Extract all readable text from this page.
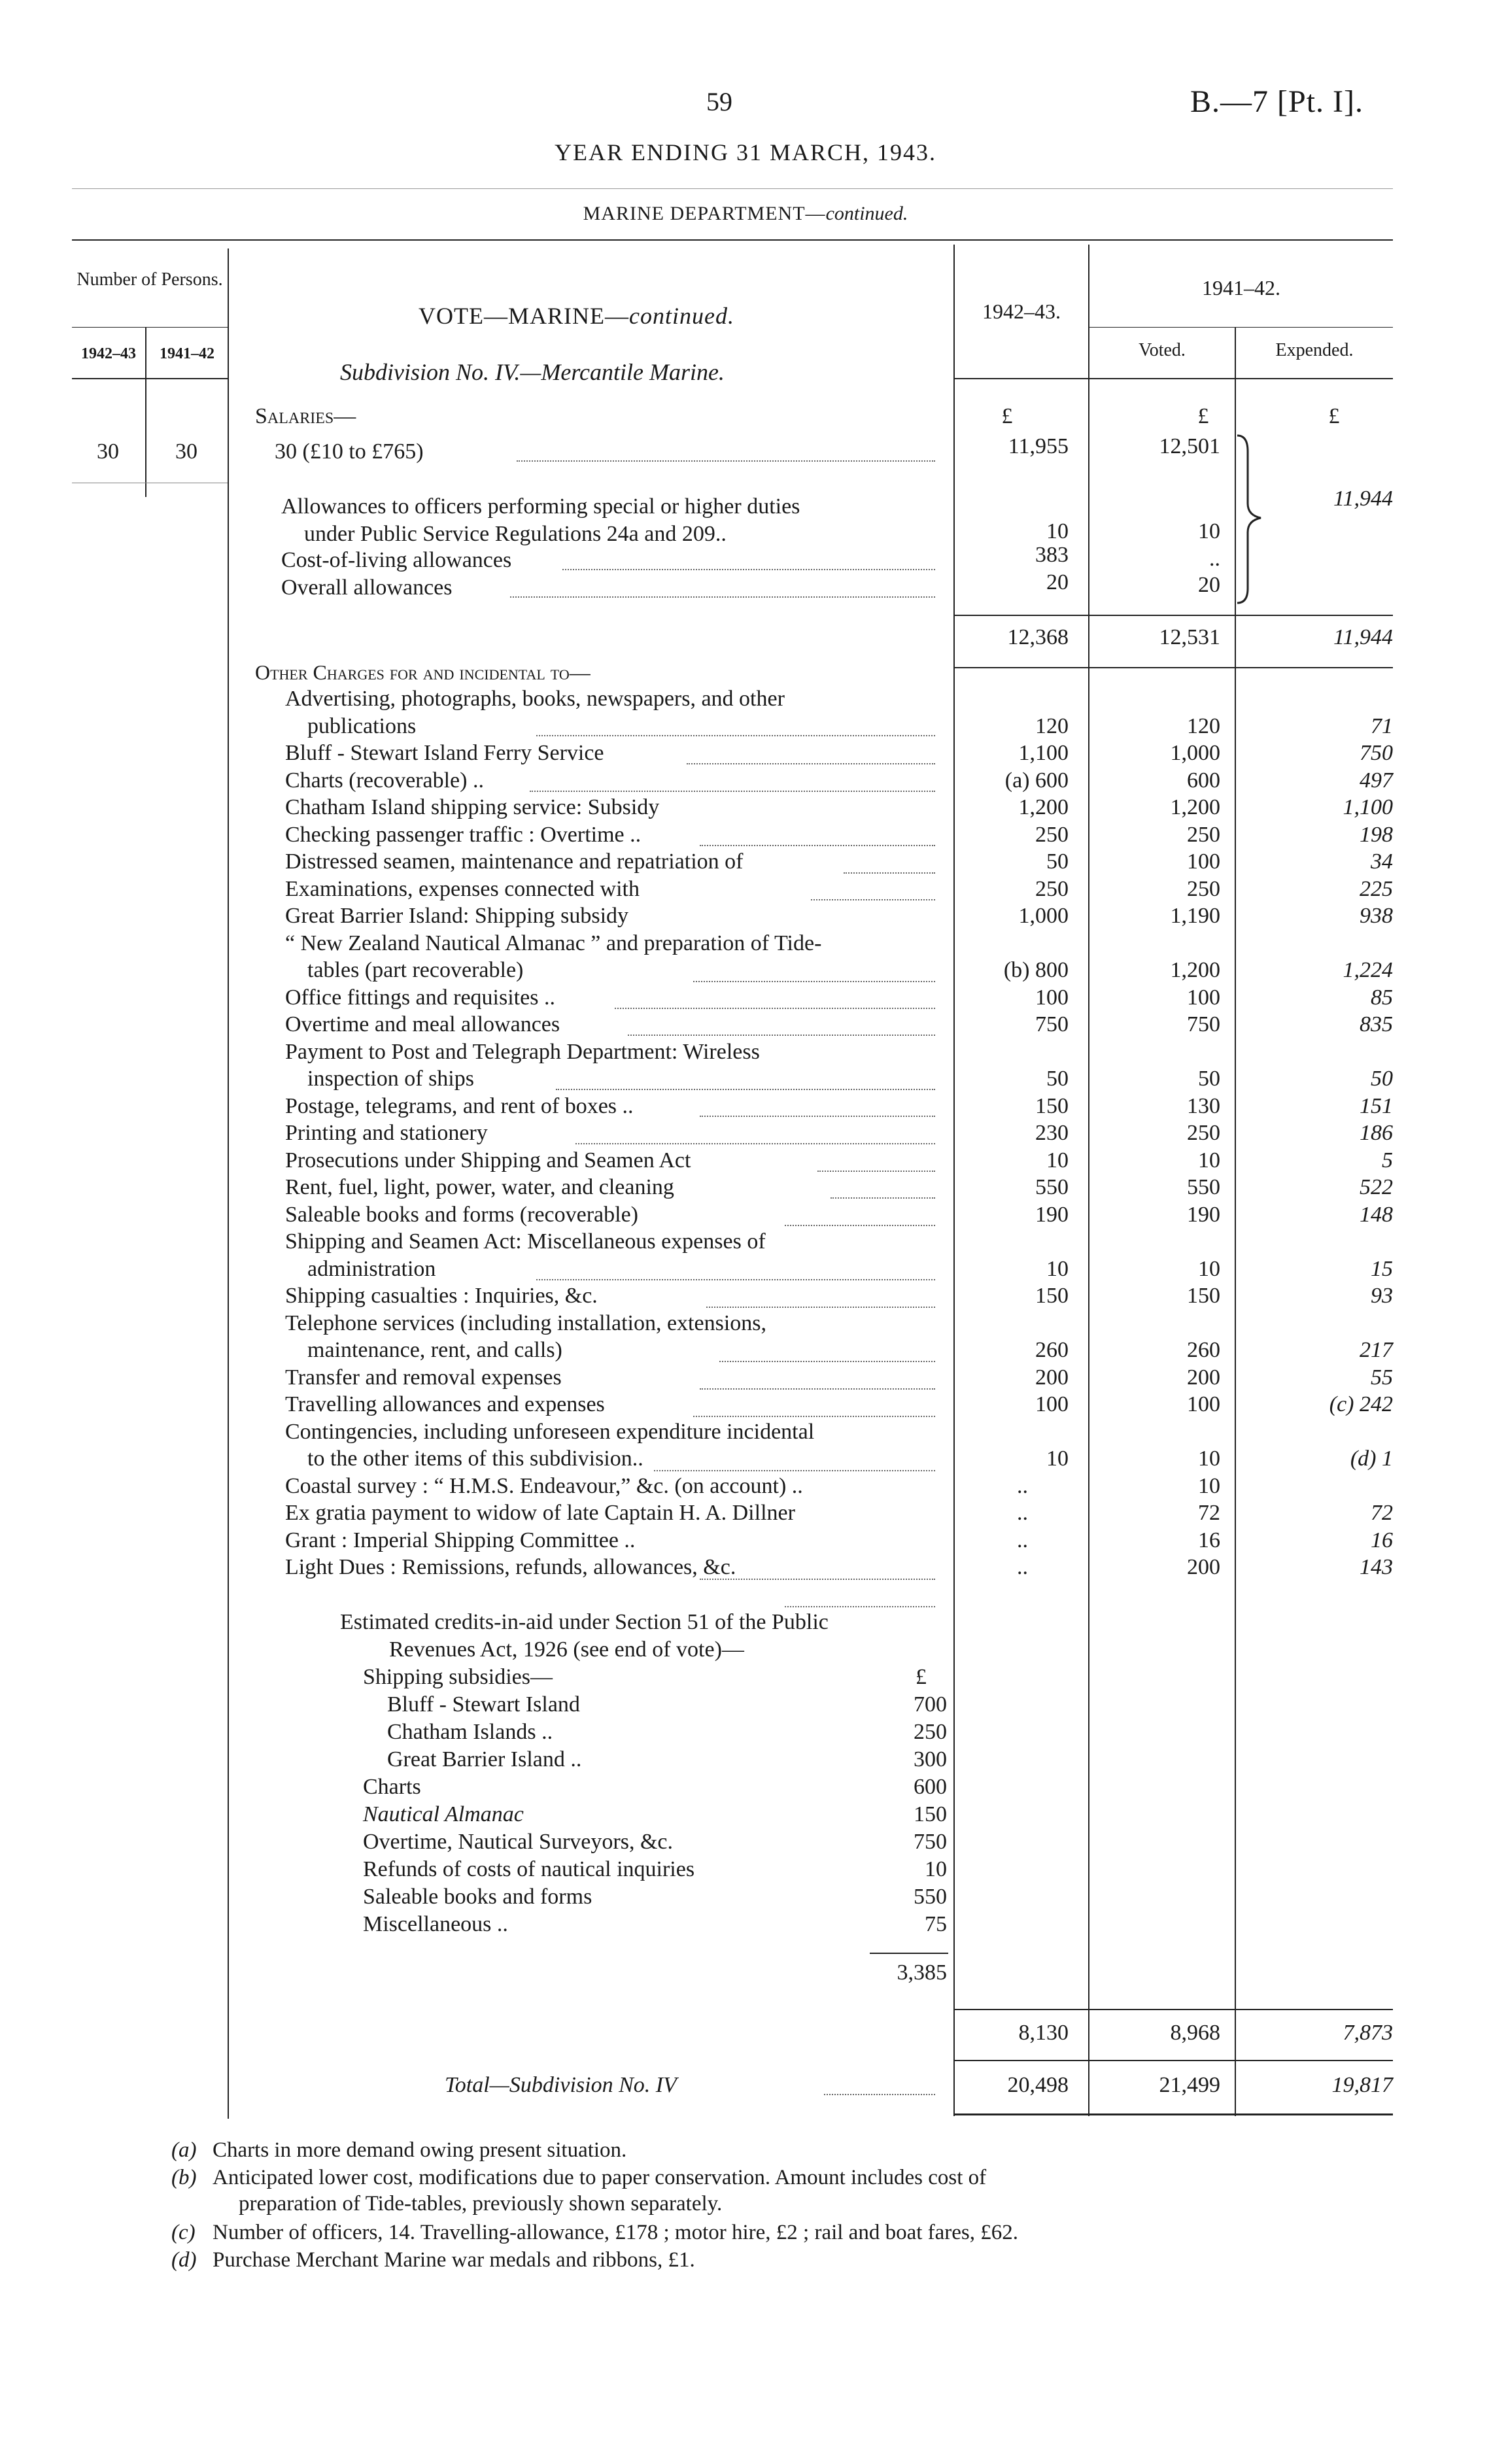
59	B.—7 [Pt. I].
YEAR ENDING 31 MARCH, 1943.
MARINE DEPARTMENT—continued.
Number of Persons.
1942–43	1941–42
1942–43.
1941–42.
Voted.	Expended.
VOTE—MARINE—continued.
Subdivision No. IV.—Mercantile Marine.
Salaries—	£	£	£
30	30	30 (£10 to £765)	11,955	12,501
Allowances to officers performing special or higher duties
under Public Service Regulations 24a and 209..	10	10
Cost-of-living allowances	383	..
Overall allowances	20	20
11,944
12,368	12,531	11,944
Other Charges for and incidental to—
Advertising, photographs, books, newspapers, and other
publications	120	120	71
Bluff - Stewart Island Ferry Service	1,100	1,000	750
Charts (recoverable) ..	(a) 600	600	497
Chatham Island shipping service: Subsidy	1,200	1,200	1,100
Checking passenger traffic : Overtime ..	250	250	198
Distressed seamen, maintenance and repatriation of	50	100	34
Examinations, expenses connected with	250	250	225
Great Barrier Island: Shipping subsidy	1,000	1,190	938
“ New Zealand Nautical Almanac ” and preparation of Tide-
tables (part recoverable)	(b) 800	1,200	1,224
Office fittings and requisites ..	100	100	85
Overtime and meal allowances	750	750	835
Payment to Post and Telegraph Department: Wireless
inspection of ships	50	50	50
Postage, telegrams, and rent of boxes ..	150	130	151
Printing and stationery	230	250	186
Prosecutions under Shipping and Seamen Act	10	10	5
Rent, fuel, light, power, water, and cleaning	550	550	522
Saleable books and forms (recoverable)	190	190	148
Shipping and Seamen Act: Miscellaneous expenses of
administration	10	10	15
Shipping casualties : Inquiries, &c.	150	150	93
Telephone services (including installation, extensions,
maintenance, rent, and calls)	260	260	217
Transfer and removal expenses	200	200	55
Travelling allowances and expenses	100	100	(c) 242
Contingencies, including unforeseen expenditure incidental
to the other items of this subdivision..	10	10	(d) 1
Coastal survey : “ H.M.S. Endeavour,” &c. (on account) ..	..	10
Ex gratia payment to widow of late Captain H. A. Dillner	..	72	72
Grant : Imperial Shipping Committee ..	..	16	16
Light Dues : Remissions, refunds, allowances, &c.	..	200	143
Estimated credits-in-aid under Section 51 of the Public
Revenues Act, 1926 (see end of vote)—
£
Shipping subsidies—
Bluff - Stewart Island	700
Chatham Islands ..	250
Great Barrier Island ..	300
Charts	600
Nautical Almanac	150
Overtime, Nautical Surveyors, &c.	750
Refunds of costs of nautical inquiries	10
Saleable books and forms	550
Miscellaneous ..	75
3,385
8,130	8,968	7,873
Total—Subdivision No. IV	20,498	21,499	19,817
(a) Charts in more demand owing present situation.
(b) Anticipated lower cost, modifications due to paper conservation. Amount includes cost of
preparation of Tide-tables, previously shown separately.
(c) Number of officers, 14. Travelling-allowance, £178 ; motor hire, £2 ; rail and boat fares, £62.
(d) Purchase Merchant Marine war medals and ribbons, £1.
